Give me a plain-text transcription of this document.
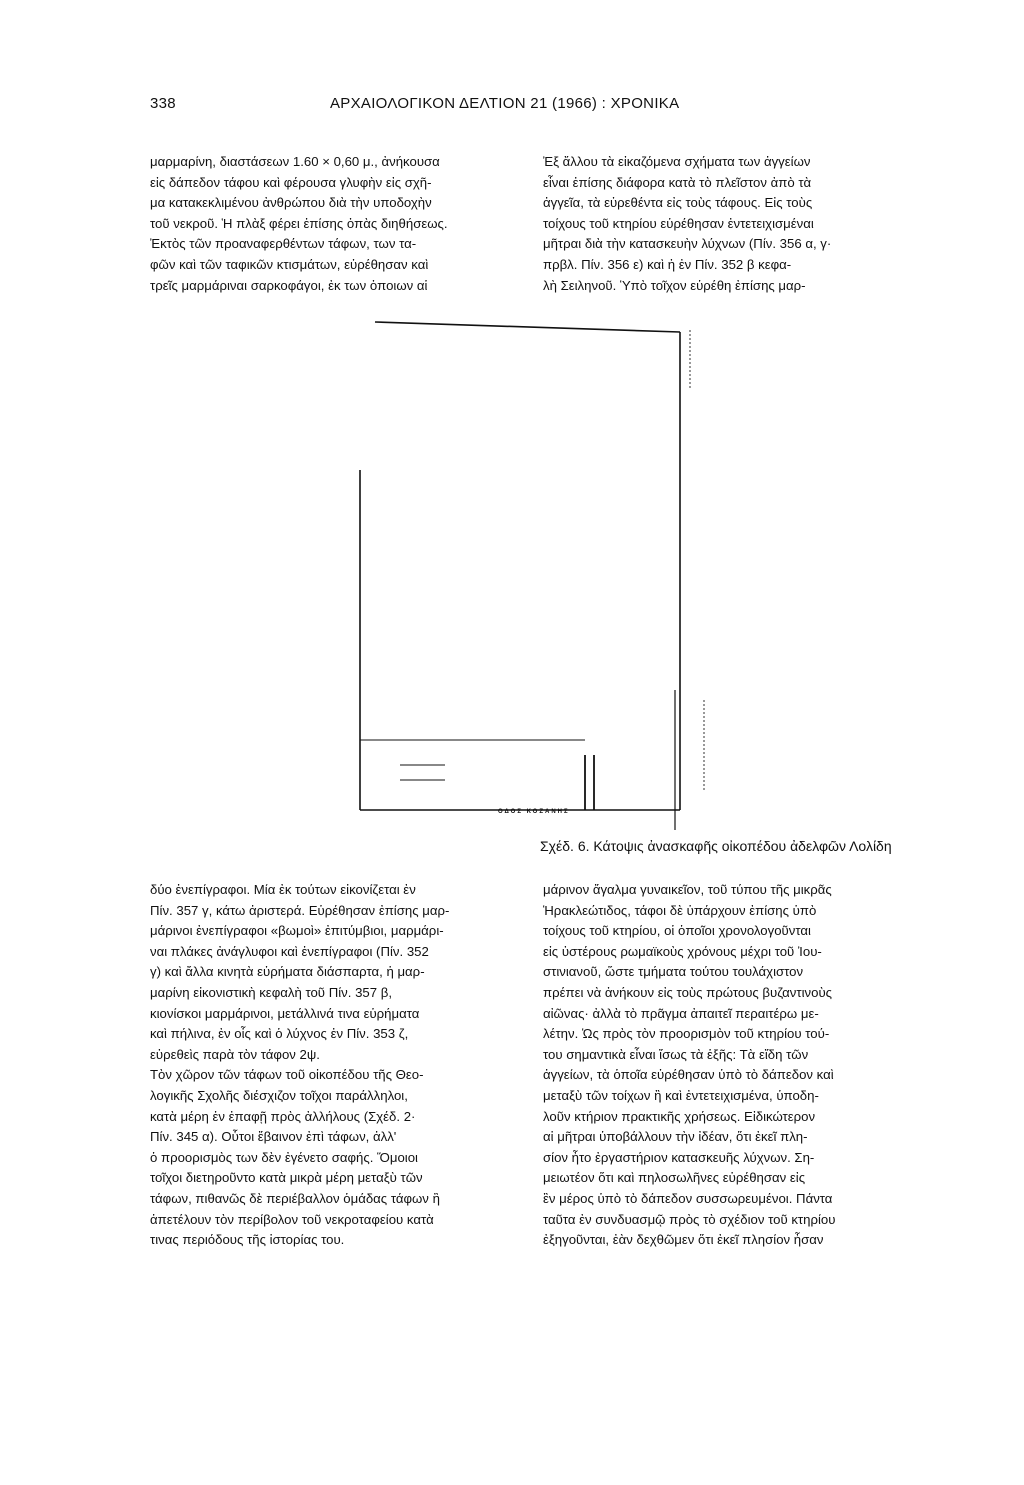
338	ΑΡΧΑΙΟΛΟΓΙΚΟΝ ΔΕΛΤΙΟΝ 21 (1966) : ΧΡΟΝΙΚΑ
μαρμαρίνη, διαστάσεων 1.60 × 0,60 μ., ἀνήκουσα
εἰς δάπεδον τάφου καὶ φέρουσα γλυφὴν εἰς σχῆ-
μα κατακεκλιμένου ἀνθρώπου διὰ τὴν υποδοχὴν
τοῦ νεκροῦ. Ἡ πλὰξ φέρει ἐπίσης ὀπὰς διηθήσεως.
Ἐκτὸς τῶν προαναφερθέντων τάφων, των τα-
φῶν καὶ τῶν ταφικῶν κτισμάτων, εὑρέθησαν καὶ
τρεῖς μαρμάριναι σαρκοφάγοι, ἐκ των ὁποιων αἱ
Ἐξ ἄλλου τὰ εἰκαζόμενα σχήματα των ἀγγείων
εἶναι ἐπίσης διάφορα κατὰ τὸ πλεῖστον ἀπὸ τὰ
ἀγγεῖα, τὰ εὑρεθέντα εἰς τοὺς τάφους. Εἰς τοὺς
τοίχους τοῦ κτηρίου εὑρέθησαν ἐντετειχισμέναι
μῆτραι διὰ τὴν κατασκευὴν λύχνων (Πίν. 356 α, γ·
πρβλ. Πίν. 356 ε) καὶ ἡ ἐν Πίν. 352 β κεφα-
λὴ Σειληνοῦ. Ὑπὸ τοῖχον εὑρέθη ἐπίσης μαρ-
ΟΔΟΣ ΚΟΖΑΝΗΣ
Σχέδ. 6. Κάτοψις ἀνασκαφῆς οἰκοπέδου ἀδελφῶν Λολίδη
δύο ἐνεπίγραφοι. Μία ἐκ τούτων εἰκονίζεται ἐν
Πίν. 357 γ, κάτω ἀριστερά. Εὑρέθησαν ἐπίσης μαρ-
μάρινοι ἐνεπίγραφοι «βωμοὶ» ἐπιτύμβιοι, μαρμάρι-
ναι πλάκες ἀνάγλυφοι καὶ ἐνεπίγραφοι (Πίν. 352
γ) καὶ ἄλλα κινητὰ εὑρήματα διάσπαρτα, ἡ μαρ-
μαρίνη εἰκονιστικὴ κεφαλὴ τοῦ Πίν. 357 β,
κιονίσκοι μαρμάρινοι, μετάλλινά τινα εὑρήματα
καὶ πήλινα, ἐν οἷς καὶ ὁ λύχνος ἐν Πίν. 353 ζ,
εὑρεθεὶς παρὰ τὸν τάφον 2ψ.
Τὸν χῶρον τῶν τάφων τοῦ οἰκοπέδου τῆς Θεο-
λογικῆς Σχολῆς διέσχιζον τοῖχοι παράλληλοι,
κατὰ μέρη ἐν ἐπαφῇ πρὸς ἀλλήλους (Σχέδ. 2·
Πίν. 345 α). Οὗτοι ἔβαινον ἐπὶ τάφων, ἀλλ'
ὁ προορισμὸς των δὲν ἐγένετο σαφής. Ὅμοιοι
τοῖχοι διετηροῦντο κατὰ μικρὰ μέρη μεταξὺ τῶν
τάφων, πιθανῶς δὲ περιέβαλλον ὁμάδας τάφων ἢ
ἀπετέλουν τὸν περίβολον τοῦ νεκροταφείου κατὰ
τινας περιόδους τῆς ἱστορίας του.
μάρινον ἄγαλμα γυναικεῖον, τοῦ τύπου τῆς μικρᾶς
Ἡρακλεώτιδος, τάφοι δὲ ὑπάρχουν ἐπίσης ὑπὸ
τοίχους τοῦ κτηρίου, οἱ ὁποῖοι χρονολογοῦνται
εἰς ὑστέρους ρωμαϊκοὺς χρόνους μέχρι τοῦ Ἰου-
στινιανοῦ, ὥστε τμήματα τούτου τουλάχιστον
πρέπει νὰ ἀνήκουν εἰς τοὺς πρώτους βυζαντινοὺς
αἰῶνας· ἀλλὰ τὸ πρᾶγμα ἀπαιτεῖ περαιτέρω με-
λέτην. Ὡς πρὸς τὸν προορισμὸν τοῦ κτηρίου τού-
του σημαντικὰ εἶναι ἴσως τὰ ἑξῆς: Τὰ εἴδη τῶν
ἀγγείων, τὰ ὁποῖα εὑρέθησαν ὑπὸ τὸ δάπεδον καὶ
μεταξὺ τῶν τοίχων ἢ καὶ ἐντετειχισμένα, ὑποδη-
λοῦν κτήριον πρακτικῆς χρήσεως. Εἰδικώτερον
αἱ μῆτραι ὑποβάλλουν τὴν ἰδέαν, ὅτι ἐκεῖ πλη-
σίον ἦτο ἐργαστήριον κατασκευῆς λύχνων. Ση-
μειωτέον ὅτι καὶ πηλοσωλῆνες εὑρέθησαν εἰς
ἓν μέρος ὑπὸ τὸ δάπεδον συσσωρευμένοι. Πάντα
ταῦτα ἐν συνδυασμῷ πρὸς τὸ σχέδιον τοῦ κτηρίου
ἐξηγοῦνται, ἐὰν δεχθῶμεν ὅτι ἐκεῖ πλησίον ἦσαν
